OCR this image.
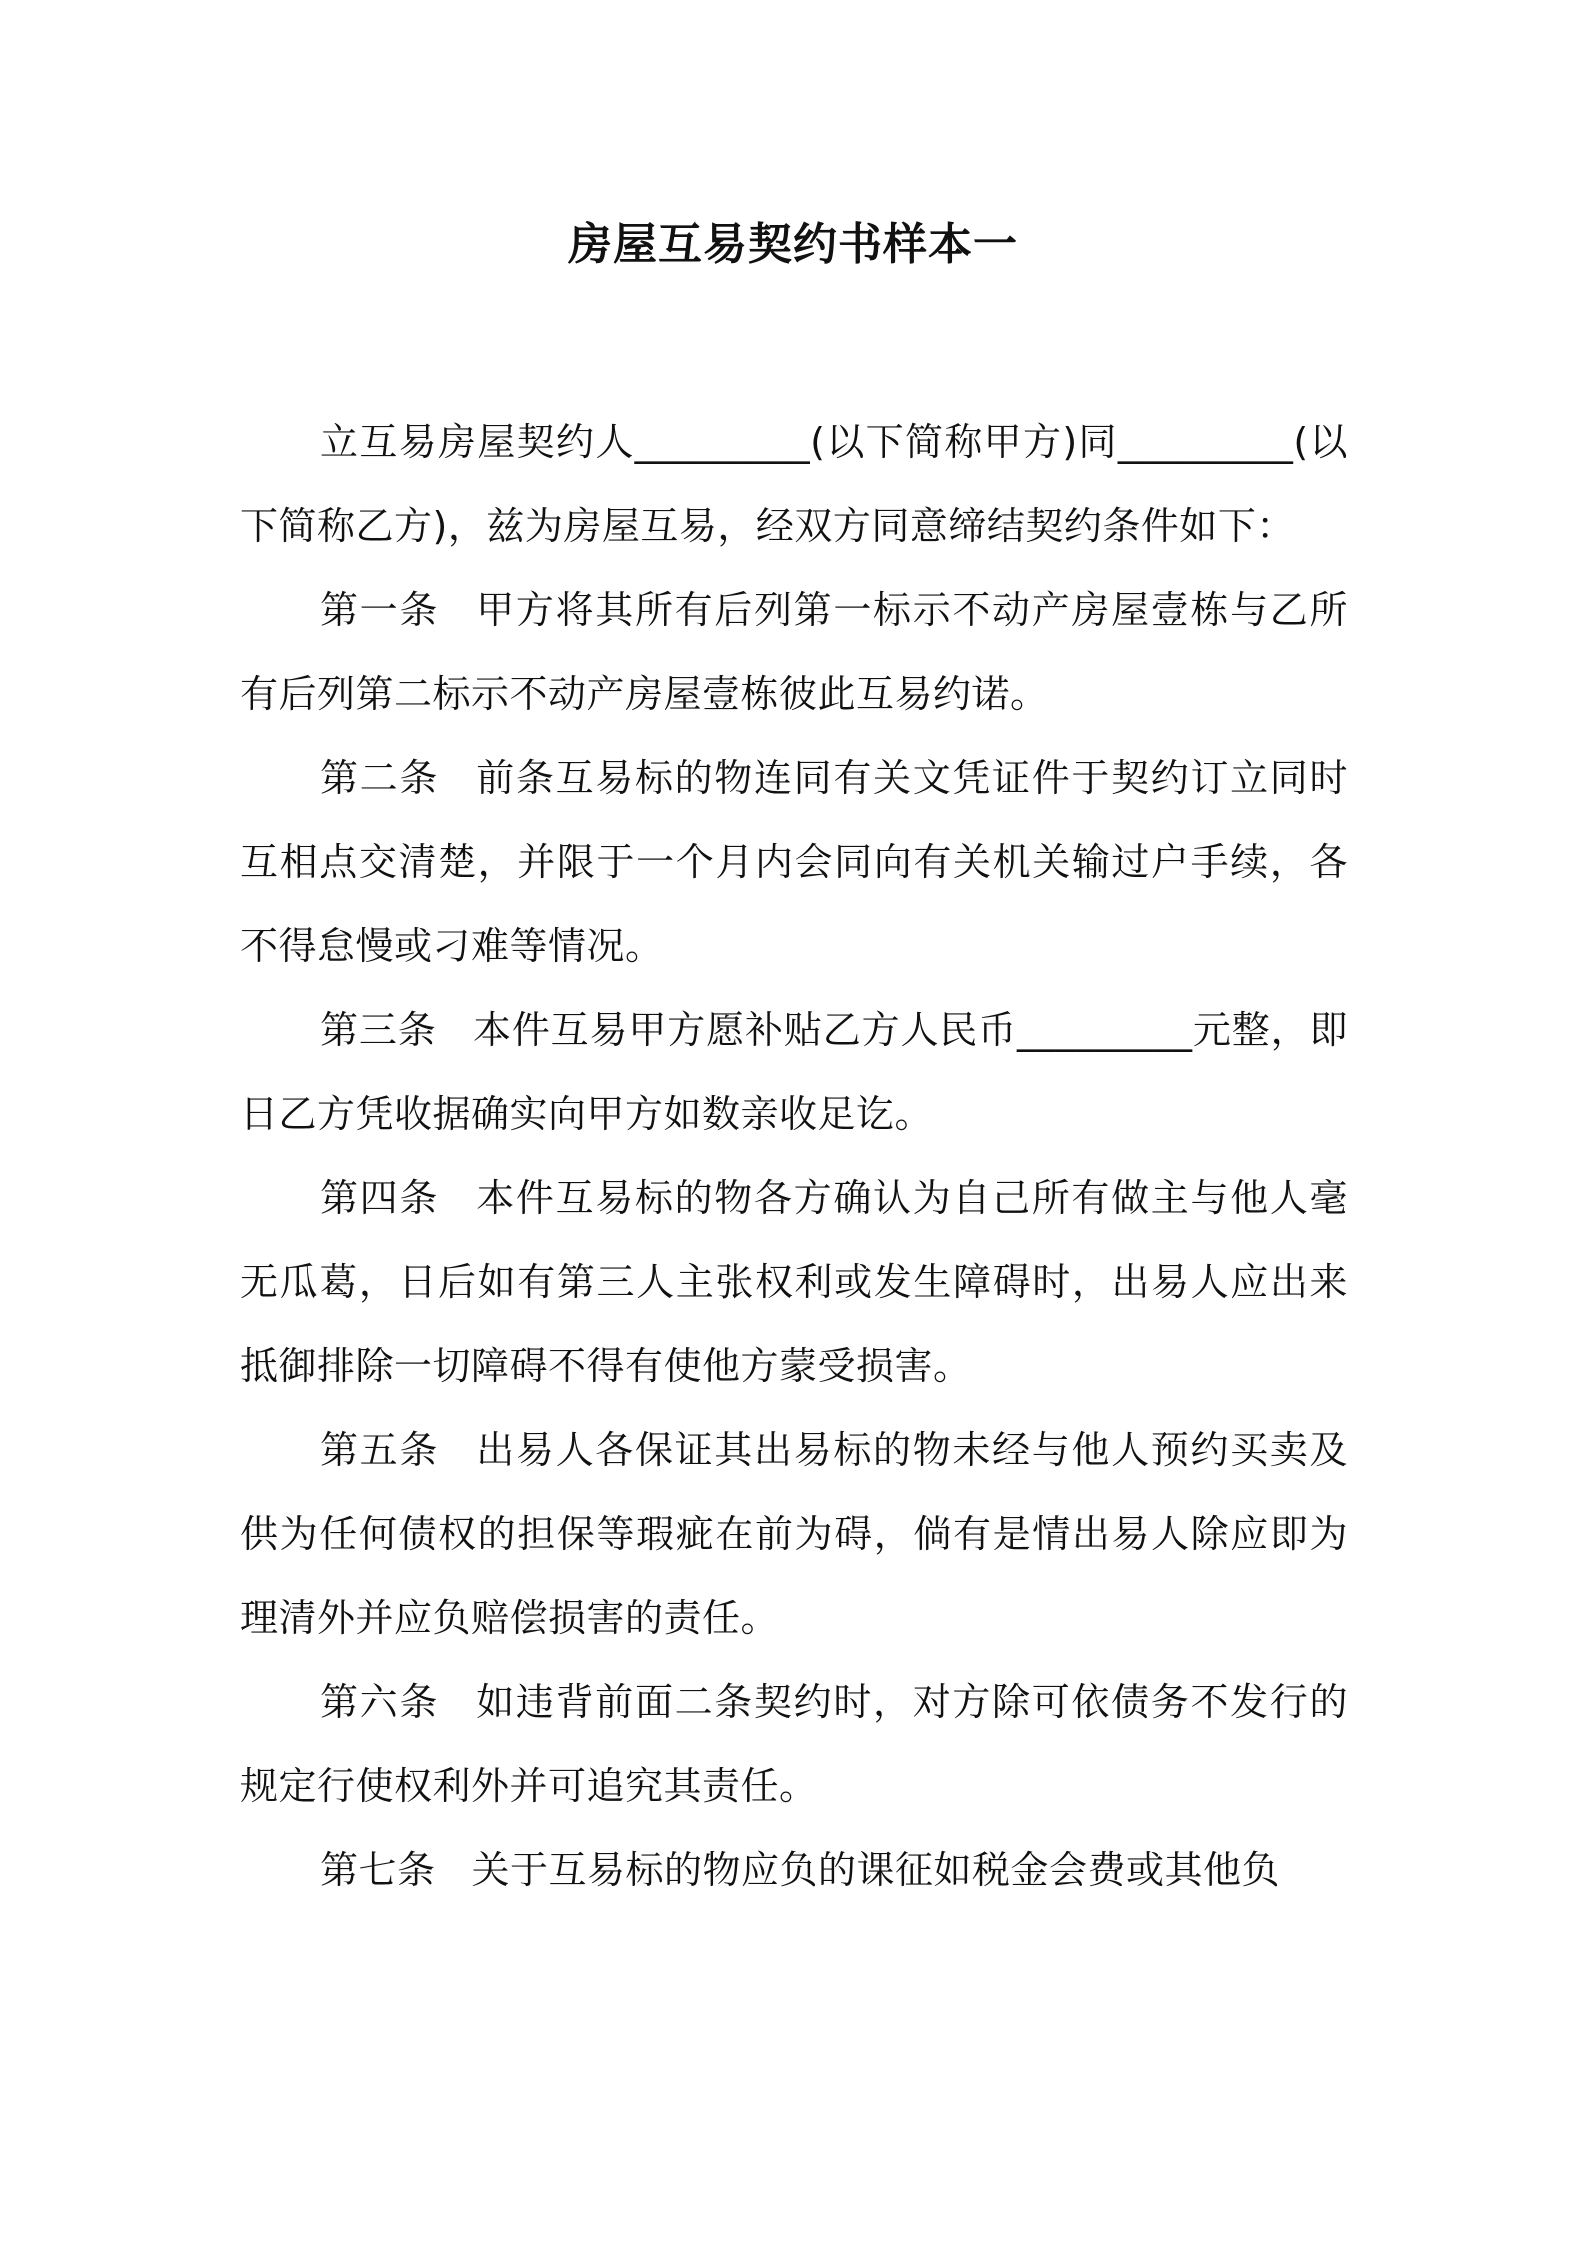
房屋互易契约书样本一

立互易房屋契约人_________(以下简称甲方)同_________(以下简称乙方)，兹为房屋互易，经双方同意缔结契约条件如下：

第一条 甲方将其所有后列第一标示不动产房屋壹栋与乙所有后列第二标示不动产房屋壹栋彼此互易约诺。

第二条 前条互易标的物连同有关文凭证件于契约订立同时互相点交清楚，并限于一个月内会同向有关机关输过户手续，各不得怠慢或刁难等情况。

第三条 本件互易甲方愿补贴乙方人民币_________元整，即日乙方凭收据确实向甲方如数亲收足讫。

第四条 本件互易标的物各方确认为自己所有做主与他人毫无瓜葛，日后如有第三人主张权利或发生障碍时，出易人应出来抵御排除一切障碍不得有使他方蒙受损害。

第五条 出易人各保证其出易标的物未经与他人预约买卖及供为任何债权的担保等瑕疵在前为碍，倘有是情出易人除应即为理清外并应负赔偿损害的责任。

第六条 如违背前面二条契约时，对方除可依债务不发行的规定行使权利外并可追究其责任。

第七条 关于互易标的物应负的课征如税金会费或其他负
